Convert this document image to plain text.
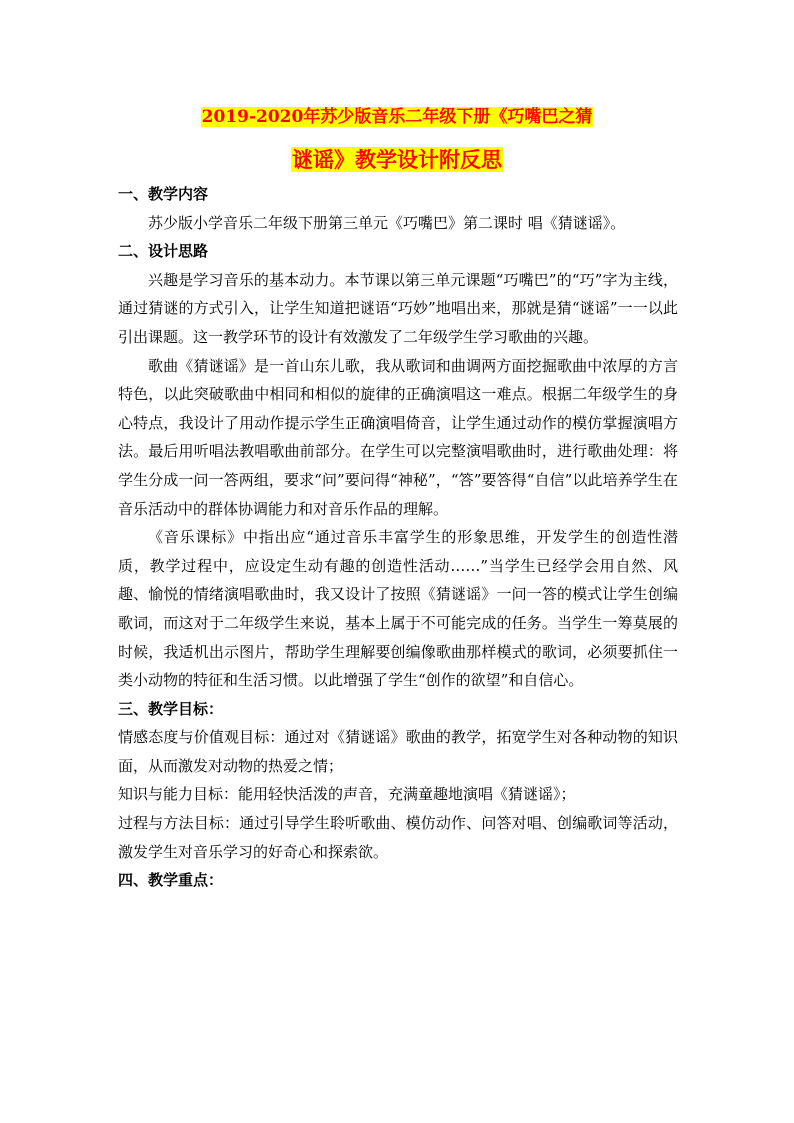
2019-2020年苏少版音乐二年级下册《巧嘴巴之猜
谜谣》教学设计附反思

一、教学内容

苏少版小学音乐二年级下册第三单元《巧嘴巴》第二课时 唱《猜谜谣》。

二、设计思路

兴趣是学习音乐的基本动力。本节课以第三单元课题“巧嘴巴”的“巧”字为主线，通过猜谜的方式引入，让学生知道把谜语“巧妙”地唱出来，那就是猜“谜谣”一一以此引出课题。这一教学环节的设计有效激发了二年级学生学习歌曲的兴趣。

歌曲《猜谜谣》是一首山东儿歌，我从歌词和曲调两方面挖掘歌曲中浓厚的方言特色，以此突破歌曲中相同和相似的旋律的正确演唱这一难点。根据二年级学生的身心特点，我设计了用动作提示学生正确演唱倚音，让学生通过动作的模仿掌握演唱方法。最后用听唱法教唱歌曲前部分。在学生可以完整演唱歌曲时，进行歌曲处理：将学生分成一问一答两组，要求“问”要问得“神秘”，“答”要答得“自信”以此培养学生在音乐活动中的群体协调能力和对音乐作品的理解。

《音乐课标》中指出应“通过音乐丰富学生的形象思维，开发学生的创造性潜质，教学过程中，应设定生动有趣的创造性活动……”当学生已经学会用自然、风趣、愉悦的情绪演唱歌曲时，我又设计了按照《猜谜谣》一问一答的模式让学生创编歌词，而这对于二年级学生来说，基本上属于不可能完成的任务。当学生一筹莫展的时候，我适机出示图片，帮助学生理解要创编像歌曲那样模式的歌词，必须要抓住一类小动物的特征和生活习惯。以此增强了学生“创作的欲望”和自信心。

三、教学目标：

情感态度与价值观目标：通过对《猜谜谣》歌曲的教学，拓宽学生对各种动物的知识面，从而激发对动物的热爱之情；

知识与能力目标：能用轻快活泼的声音，充满童趣地演唱《猜谜谣》；

过程与方法目标：通过引导学生聆听歌曲、模仿动作、问答对唱、创编歌词等活动，激发学生对音乐学习的好奇心和探索欲。

四、教学重点：
